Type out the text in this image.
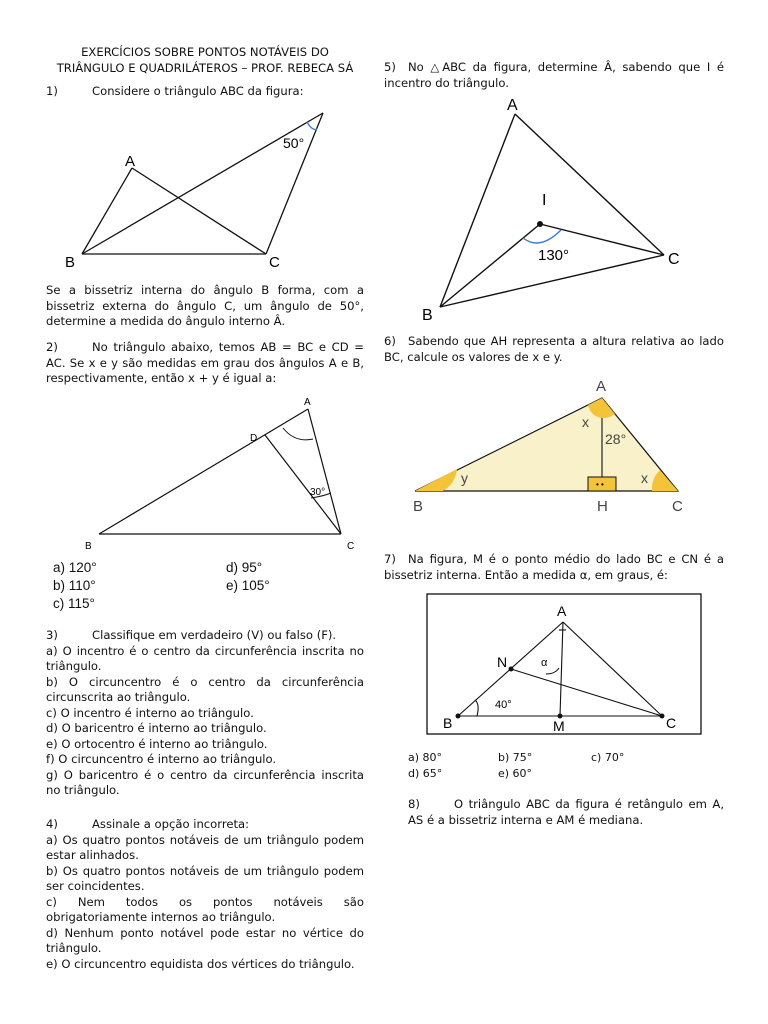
EXERCÍCIOS SOBRE PONTOS NOTÁVEIS DO
TRIÂNGULO E QUADRILÁTEROS – PROF. REBECA SÁ
1)	Considere o triângulo ABC da figura:
A
B	C
50°
Se a bissetriz interna do ângulo B forma, com a bissetriz externa do ângulo C, um ângulo de 50°, determine a medida do ângulo interno Â.
2)	No triângulo abaixo, temos AB = BC e CD = AC. Se x e y são medidas em grau dos ângulos A e B, respectivamente, então x + y é igual a:
A
B	C
D
30°
a) 120°
b) 110°
c) 115°
d) 95°
e) 105°
3)	Classifique em verdadeiro (V) ou falso (F).
a) O incentro é o centro da circunferência inscrita no triângulo.
b) O circuncentro é o centro da circunferência circunscrita ao triângulo.
c) O incentro é interno ao triângulo.
d) O baricentro é interno ao triângulo.
e) O ortocentro é interno ao triângulo.
f) O circuncentro é interno ao triângulo.
g) O baricentro é o centro da circunferência inscrita no triângulo.
4)	Assinale a opção incorreta:
a) Os quatro pontos notáveis de um triângulo podem estar alinhados.
b) Os quatro pontos notáveis de um triângulo podem ser coincidentes.
c) Nem todos os pontos notáveis são obrigatoriamente internos ao triângulo.
d) Nenhum ponto notável pode estar no vértice do triângulo.
e) O circuncentro equidista dos vértices do triângulo.
5) No △ABC da figura, determine Â, sabendo que I é incentro do triângulo.
A
B
C
I
130°
6) Sabendo que AH representa a altura relativa ao lado BC, calcule os valores de x e y.
• •
A
B	H	C
x
x
y
28°
7) Na figura, M é o ponto médio do lado BC e CN é a bissetriz interna. Então a medida α, em graus, é:
A
B	C
N
M
α
40°
a) 80°	b) 75°	c) 70°
d) 65°	e) 60°
8)	O triângulo ABC da figura é retângulo em A, AS é a bissetriz interna e AM é mediana.
